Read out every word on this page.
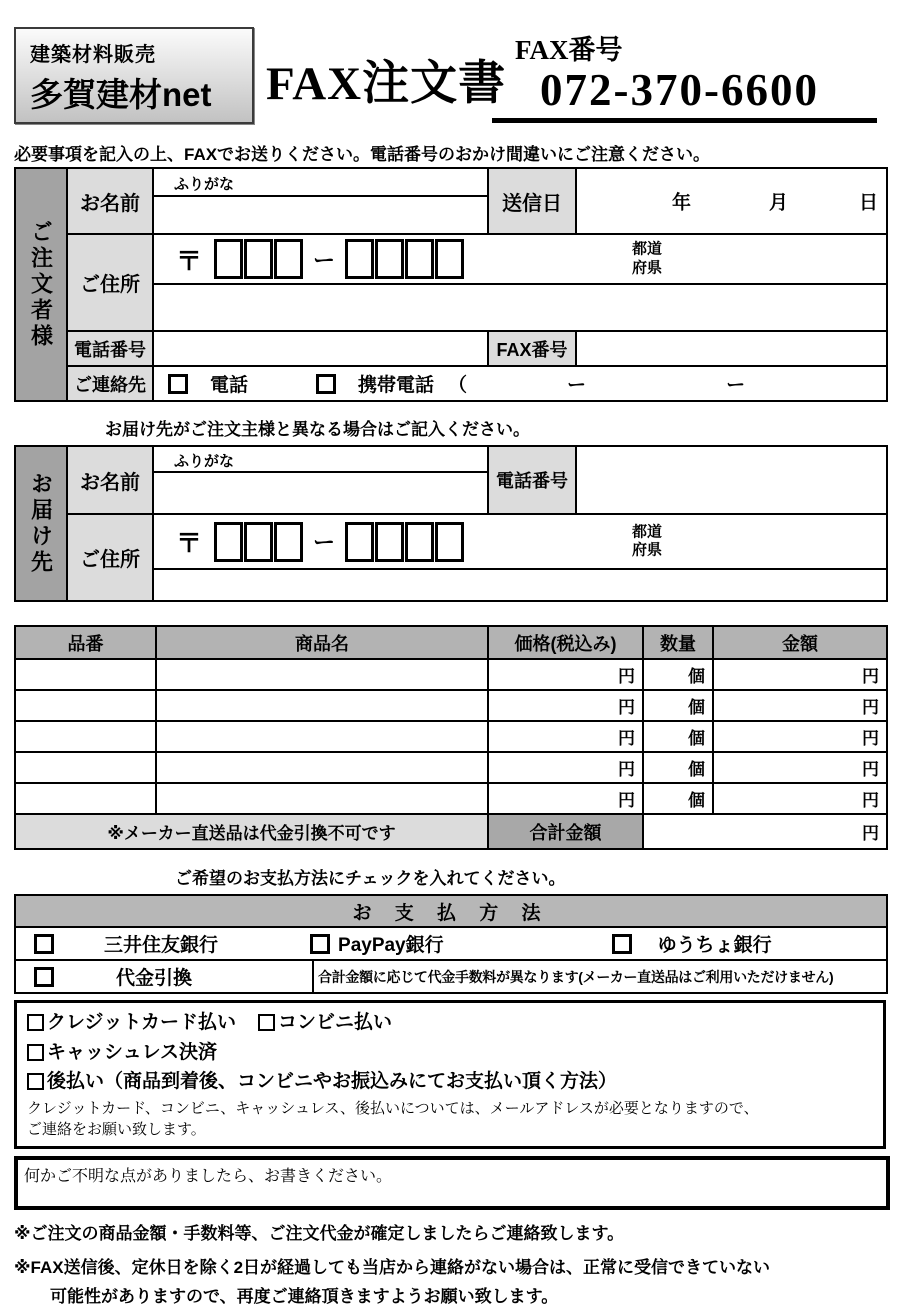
建築材料販売
多賀建材net	FAX注文書
FAX番号
072-370-6600
必要事項を記入の上、FAXでお送りください。電話番号のおかけ間違いにご注意ください。
ご注文者様	お名前	ふりがな	送信日	年 月 日

	ご住所	〒 ー 都道
府県		

	電話番号		FAX番号	
	ご連絡先	電話 携帯電話 （ ー ー		
お届け先がご注文主様と異なる場合はご記入ください。
お届け先	お名前	ふりがな	電話番号	

	ご住所	〒 ー 都道
府県		

品番	商品名	価格(税込み)	数量	金額
		円	個	円
		円	個	円
		円	個	円
		円	個	円
		円	個	円
※メーカー直送品は代金引換不可です		合計金額	円	
ご希望のお支払方法にチェックを入れてください。
お 支 払 方 法

三井住友銀行	PayPay銀行	ゆうちょ銀行

代金引換	合計金額に応じて代金手数料が異なります(メーカー直送品はご利用いただけません)
クレジットカード払い コンビニ払い
キャッシュレス決済
後払い（商品到着後、コンビニやお振込みにてお支払い頂く方法）
クレジットカード、コンビニ、キャッシュレス、後払いについては、メールアドレスが必要となりますので、
ご連絡をお願い致します。
何かご不明な点がありましたら、お書きください。
※ご注文の商品金額・手数料等、ご注文代金が確定しましたらご連絡致します。
※FAX送信後、定休日を除く2日が経過しても当店から連絡がない場合は、正常に受信できていない
可能性がありますので、再度ご連絡頂きますようお願い致します。
